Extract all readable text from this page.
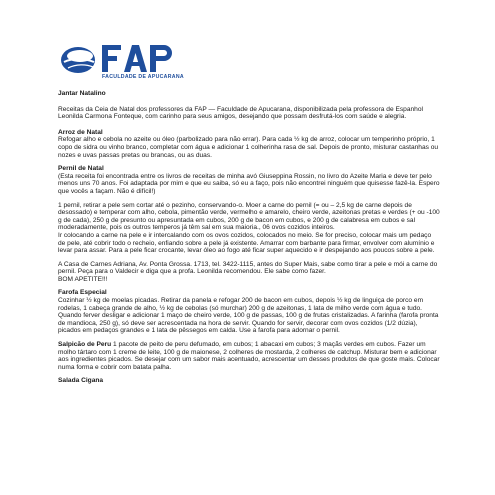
FACULDADE DE APUCARANA
Jantar Natalino
Receitas da Ceia de Natal dos professores da FAP — Faculdade de Apucarana, disponibilizada pela professora de Espanhol Leonilda Carmona Fonteque, com carinho para seus amigos, desejando que possam desfrutá-los com saúde e alegria.
Arroz de Natal
Refogar alho e cebola no azeite ou óleo (parbolizado para não errar). Para cada ½ kg de arroz, colocar um temperinho próprio, 1 copo de sidra ou vinho branco, completar com água e adicionar 1 colherinha rasa de sal. Depois de pronto, misturar castanhas ou nozes e uvas passas pretas ou brancas, ou as duas.
Pernil de Natal
(Esta receita foi encontrada entre os livros de receitas de minha avó Giuseppina Rossin, no livro do Azeite Maria e deve ter pelo menos uns 70 anos. Foi adaptada por mim e que eu saiba, só eu a faço, pois não encontrei ninguém que quisesse fazê-la. Espero que vocês a façam. Não é difícil!)
1 pernil, retirar a pele sem cortar até o pezinho, conservando-o. Moer a carne do pernil (= ou – 2,5 kg de carne depois de desossado) e temperar com alho, cebola, pimentão verde, vermelho e amarelo, cheiro verde, azeitonas pretas e verdes (+ ou -100 g de cada), 250 g de presunto ou apresuntada em cubos, 200 g de bacon em cubos, e 200 g de calabresa em cubos e sal moderadamente, pois os outros temperos já têm sal em sua maioria., 06 ovos cozidos inteiros.
Ir colocando a carne na pele e ir intercalando com os ovos cozidos, colocados no meio. Se for preciso, colocar mais um pedaço de pele, até cobrir todo o recheio, enfiando sobre a pele já existente. Amarrar com barbante para firmar, envolver com alumínio e levar para assar. Para a pele ficar crocante, levar óleo ao fogo até ficar super aquecido e ir despejando aos poucos sobre a pele.
A Casa de Carnes Adriana, Av. Ponta Grossa. 1713, tel. 3422-1115, antes do Super Mais, sabe como tirar a pele e mói a carne do pernil. Peça para o Valdecir e diga que a profa. Leonilda recomendou. Ele sabe como fazer.
BOM APETITE!!!
Farofa Especial
Cozinhar ½ kg de moelas picadas. Retirar da panela e refogar 200 de bacon em cubos, depois ½ kg de linguiça de porco em rodelas, 1 cabeça grande de alho, ½ kg de cebolas (só murchar) 200 g de azeitonas, 1 lata de milho verde com água e tudo. Quando ferver desligar e adicionar 1 maço de cheiro verde, 100 g de passas, 100 g de frutas cristalizadas. A farinha (farofa pronta de mandioca, 250 g), só deve ser acrescentada na hora de servir. Quando for servir, decorar com ovos cozidos (1/2 dúzia), picados em pedaços grandes e 1 lata de pêssegos em calda. Use a farofa para adornar o pernil.
Salpicão de Peru 1 pacote de peito de peru defumado, em cubos; 1 abacaxi em cubos; 3 maçãs verdes em cubos. Fazer um molho tártaro com 1 creme de leite, 100 g de maionese, 2 colheres de mostarda, 2 colheres de catchup. Misturar bem e adicionar aos ingredientes picados. Se desejar com um sabor mais acentuado, acrescentar um desses produtos de que goste mais. Colocar numa forma e cobrir com batata palha.
Salada Cigana
